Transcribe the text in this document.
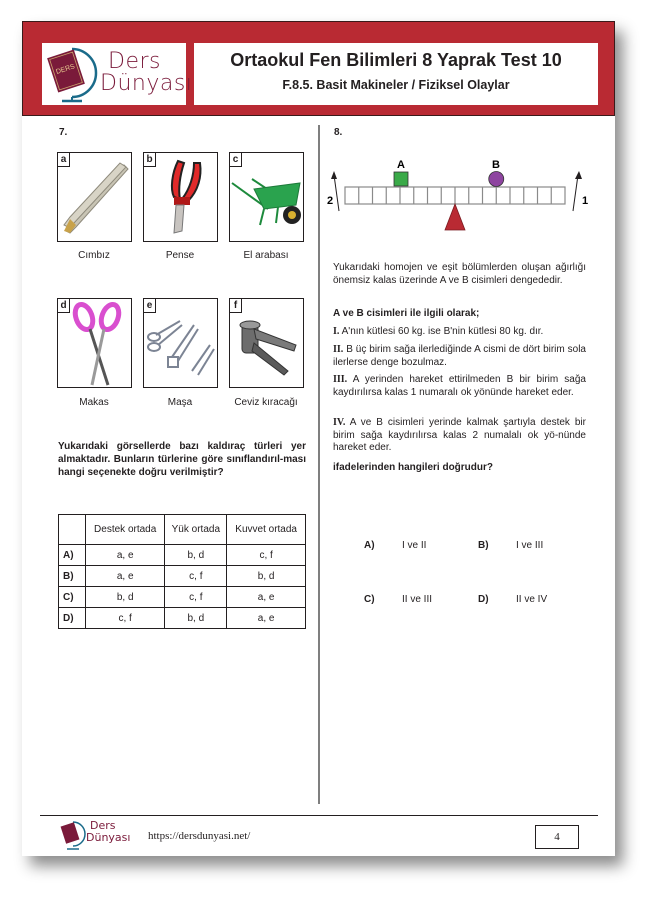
DERS Ders
Dünyası
Ortaokul Fen Bilimleri 8 Yaprak Test 10
F.8.5. Basit Makineler / Fiziksel Olaylar
7.
a
Cımbız
b
Pense
c
El arabası
d
Makas
e
Maşa
f
Ceviz kıracağı
Yukarıdaki görsellerde bazı kaldıraç türleri yer almaktadır. Bunların türlerine göre sınıflandırıl-ması hangi seçenekte doğru verilmiştir?
	Destek ortada	Yük ortada	Kuvvet ortada
A)	a, e	b, d	c, f
B)	a, e	c, f	b, d
C)	b, d	c, f	a, e
D)	c, f	b, d	a, e
8.
2	1
A	B
Yukarıdaki homojen ve eşit bölümlerden oluşan ağırlığı önemsiz kalas üzerinde A ve B cisimleri dengededir.
A ve B cisimleri ile ilgili olarak;
I. A'nın kütlesi 60 kg. ise B'nin kütlesi 80 kg. dır.
II. B üç birim sağa ilerlediğinde A cismi de dört birim sola ilerlerse denge bozulmaz.
III. A yerinden hareket ettirilmeden B bir birim sağa kaydırılırsa kalas 1 numaralı ok yönünde hareket eder.
IV. A ve B cisimleri yerinde kalmak şartıyla destek bir birim sağa kaydırılırsa kalas 2 numalalı ok yö-nünde hareket eder.
ifadelerinden hangileri doğrudur?
A)	I ve II	B)	I ve III
C)	II ve III	D)	II ve IV
Ders
Dünyası https://dersdunyasi.net/	4
